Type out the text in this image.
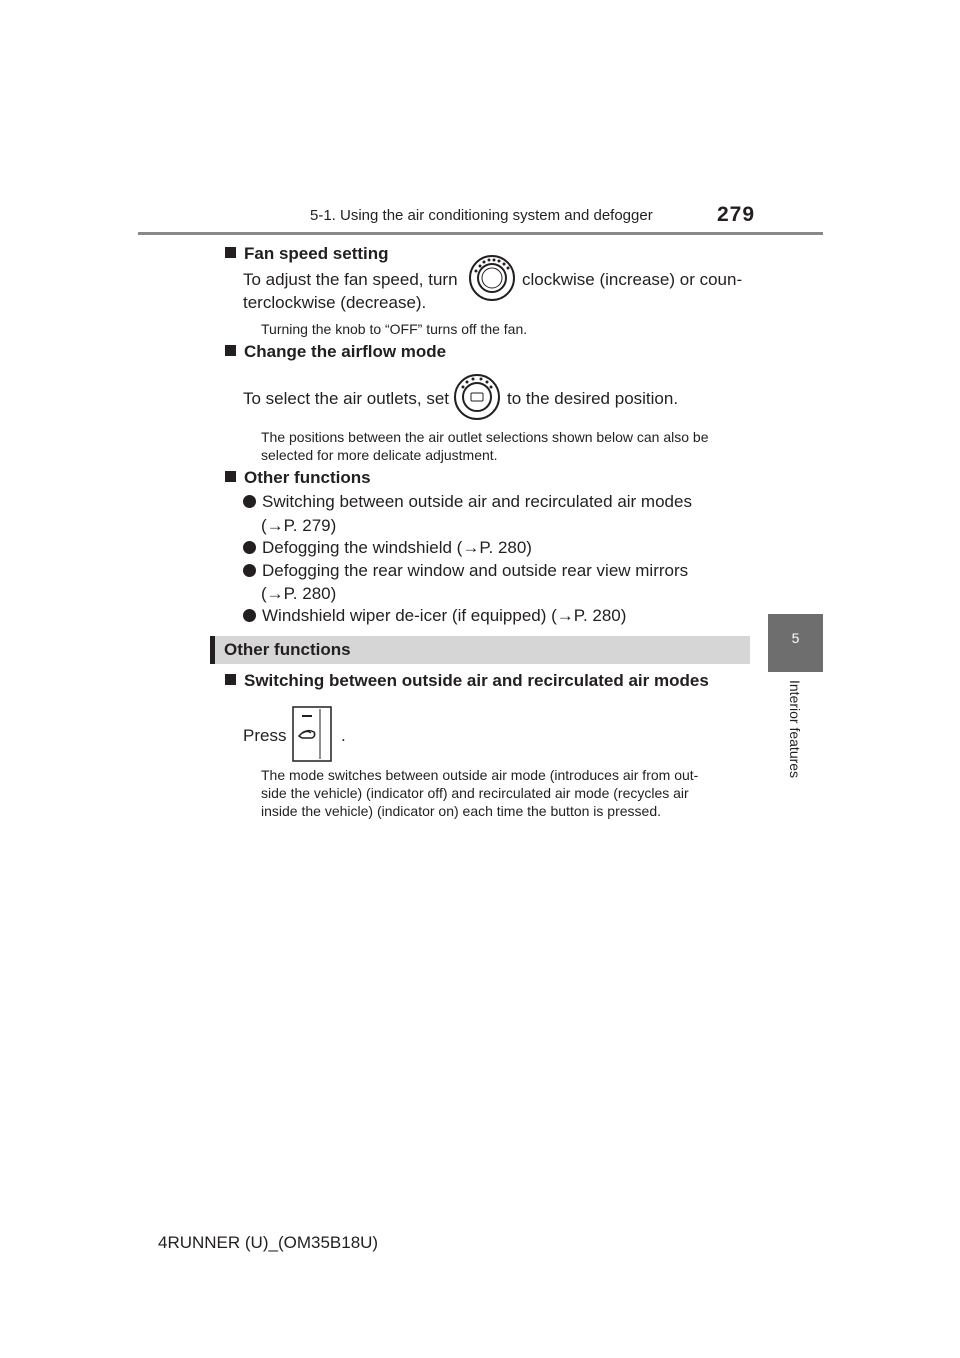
5-1. Using the air conditioning system and defogger	279
5
Interior features
Fan speed setting
To adjust the fan speed, turn	clockwise (increase) or coun-
terclockwise (decrease).
Turning the knob to “OFF” turns off the fan.
Change the airflow mode
To select the air outlets, set	to the desired position.
The positions between the air outlet selections shown below can also be
selected for more delicate adjustment.
Other functions
Switching between outside air and recirculated air modes
(→P. 279)
Defogging the windshield (→P. 280)
Defogging the rear window and outside rear view mirrors
(→P. 280)
Windshield wiper de-icer (if equipped) (→P. 280)
Other functions
Switching between outside air and recirculated air modes
Press	.
The mode switches between outside air mode (introduces air from out-
side the vehicle) (indicator off) and recirculated air mode (recycles air
inside the vehicle) (indicator on) each time the button is pressed.
4RUNNER (U)_(OM35B18U)
